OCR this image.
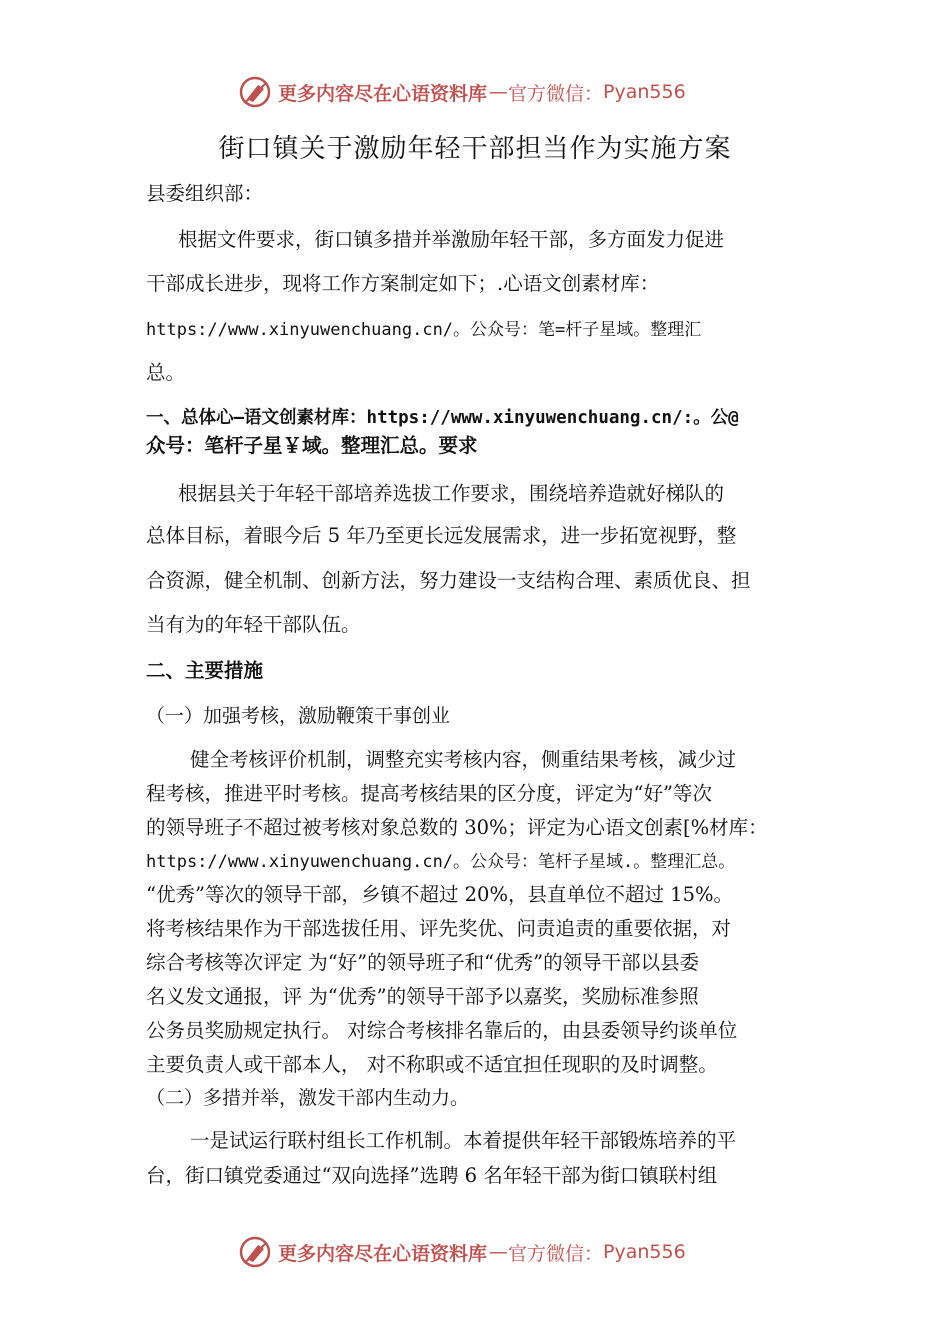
更多内容尽在心语资料库 — 官方微信： Pyan556
街口镇关于激励年轻干部担当作为实施方案
县委组织部：
根据文件要求，街口镇多措并举激励年轻干部，多方面发力促进
干部成长进步，现将工作方案制定如下；.心语文创素材库：
https://www.xinyuwenchuang.cn/。公众号：笔=杆子星域。整理汇
总。
一、总体心—语文创素材库：https://www.xinyuwenchuang.cn/:。公@
众号：笔杆子星￥域。整理汇总。要求
根据县关于年轻干部培养选拔工作要求，围绕培养造就好梯队的
总体目标，着眼今后 5 年乃至更长远发展需求，进一步拓宽视野，整
合资源，健全机制、创新方法，努力建设一支结构合理、素质优良、担
当有为的年轻干部队伍。
二、主要措施
（一）加强考核，激励鞭策干事创业
健全考核评价机制，调整充实考核内容，侧重结果考核，减少过
程考核，推进平时考核。提高考核结果的区分度，评定为“好”等次
的领导班子不超过被考核对象总数的 30%；评定为心语文创素[%材库：
https://www.xinyuwenchuang.cn/。公众号：笔杆子星域.。整理汇总。
“优秀”等次的领导干部，乡镇不超过 20%，县直单位不超过 15%。
将考核结果作为干部选拔任用、评先奖优、问责追责的重要依据，对
综合考核等次评定 为“好”的领导班子和“优秀”的领导干部以县委
名义发文通报，评 为“优秀”的领导干部予以嘉奖，奖励标准参照
公务员奖励规定执行。 对综合考核排名靠后的，由县委领导约谈单位
主要负责人或干部本人， 对不称职或不适宜担任现职的及时调整。
（二）多措并举，激发干部内生动力。
一是试运行联村组长工作机制。本着提供年轻干部锻炼培养的平
台，街口镇党委通过“双向选择”选聘 6 名年轻干部为街口镇联村组
更多内容尽在心语资料库 — 官方微信： Pyan556
